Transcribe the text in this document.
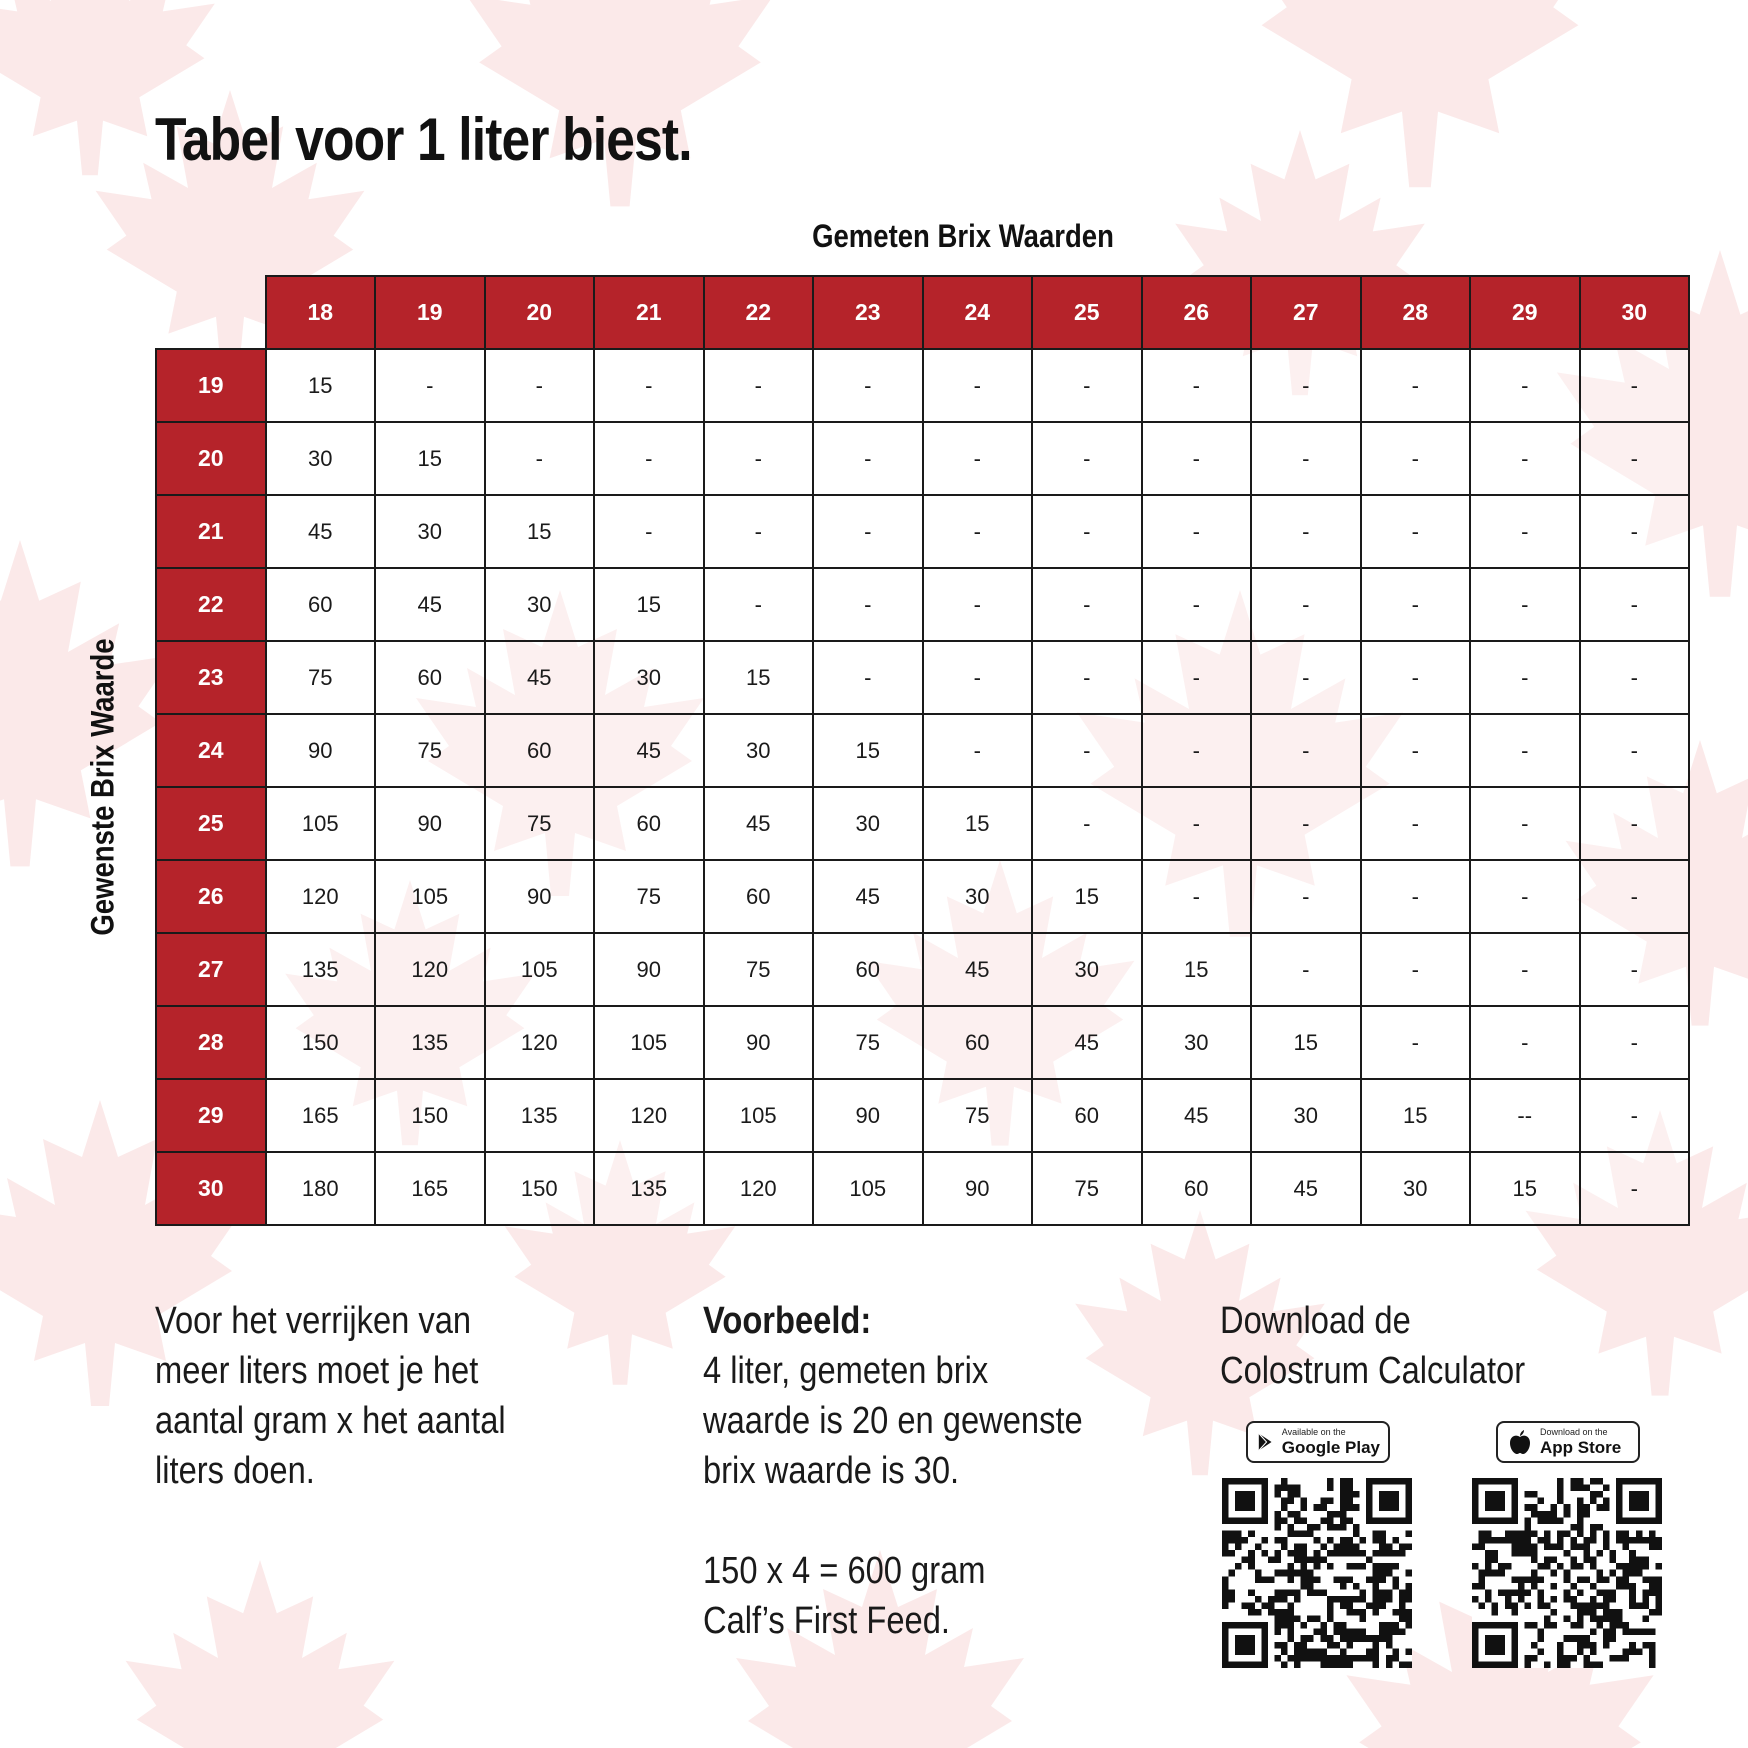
Tabel voor 1 liter biest.
Gemeten Brix Waarden
Gewenste Brix Waarde
	18	19	20	21	22	23	24	25	26	27	28	29	30
19	15	-	-	-	-	-	-	-	-	-	-	-	-
20	30	15	-	-	-	-	-	-	-	-	-	-	-
21	45	30	15	-	-	-	-	-	-	-	-	-	-
22	60	45	30	15	-	-	-	-	-	-	-	-	-
23	75	60	45	30	15	-	-	-	-	-	-	-	-
24	90	75	60	45	30	15	-	-	-	-	-	-	-
25	105	90	75	60	45	30	15	-	-	-	-	-	-
26	120	105	90	75	60	45	30	15	-	-	-	-	-
27	135	120	105	90	75	60	45	30	15	-	-	-	-
28	150	135	120	105	90	75	60	45	30	15	-	-	-
29	165	150	135	120	105	90	75	60	45	30	15	--	-
30	180	165	150	135	120	105	90	75	60	45	30	15	-

Voor het verrijken van

meer liters moet je het

aantal gram x het aantal

liters doen.

Voorbeeld:

4 liter, gemeten brix

waarde is 20 en gewenste

brix waarde is 30.

150 x 4 = 600 gram

Calf’s First Feed.

Download de

Colostrum Calculator

Available on the
Google Play
Download on the
App Store
